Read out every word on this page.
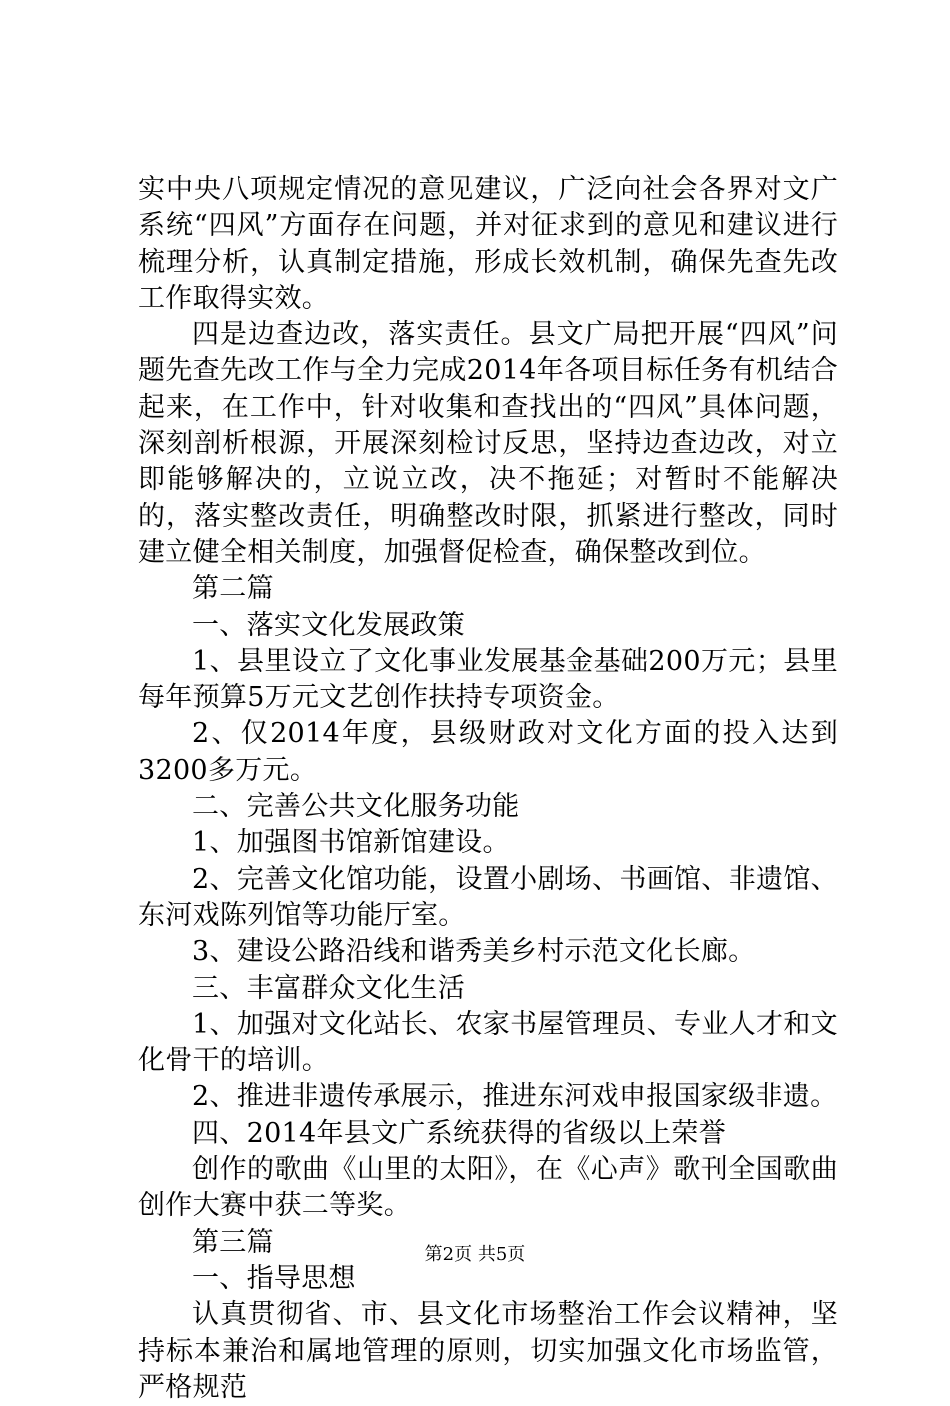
实中央八项规定情况的意见建议，广泛向社会各界对文广系统“四风”方面存在问题，并对征求到的意见和建议进行梳理分析，认真制定措施，形成长效机制，确保先查先改工作取得实效。

四是边查边改，落实责任。县文广局把开展“四风”问题先查先改工作与全力完成2014年各项目标任务有机结合起来，在工作中，针对收集和查找出的“四风”具体问题，深刻剖析根源，开展深刻检讨反思，坚持边查边改，对立即能够解决的，立说立改，决不拖延；对暂时不能解决的，落实整改责任，明确整改时限，抓紧进行整改，同时建立健全相关制度，加强督促检查，确保整改到位。

第二篇

一、落实文化发展政策

1、县里设立了文化事业发展基金基础200万元；县里每年预算5万元文艺创作扶持专项资金。

2、仅2014年度，县级财政对文化方面的投入达到3200多万元。

二、完善公共文化服务功能

1、加强图书馆新馆建设。

2、完善文化馆功能，设置小剧场、书画馆、非遗馆、东河戏陈列馆等功能厅室。

3、建设公路沿线和谐秀美乡村示范文化长廊。

三、丰富群众文化生活

1、加强对文化站长、农家书屋管理员、专业人才和文化骨干的培训。

2、推进非遗传承展示，推进东河戏申报国家级非遗。

四、2014年县文广系统获得的省级以上荣誉

创作的歌曲《山里的太阳》，在《心声》歌刊全国歌曲创作大赛中获二等奖。

第三篇

一、指导思想

认真贯彻省、市、县文化市场整治工作会议精神，坚持标本兼治和属地管理的原则，切实加强文化市场监管，严格规范

第2页 共5页
